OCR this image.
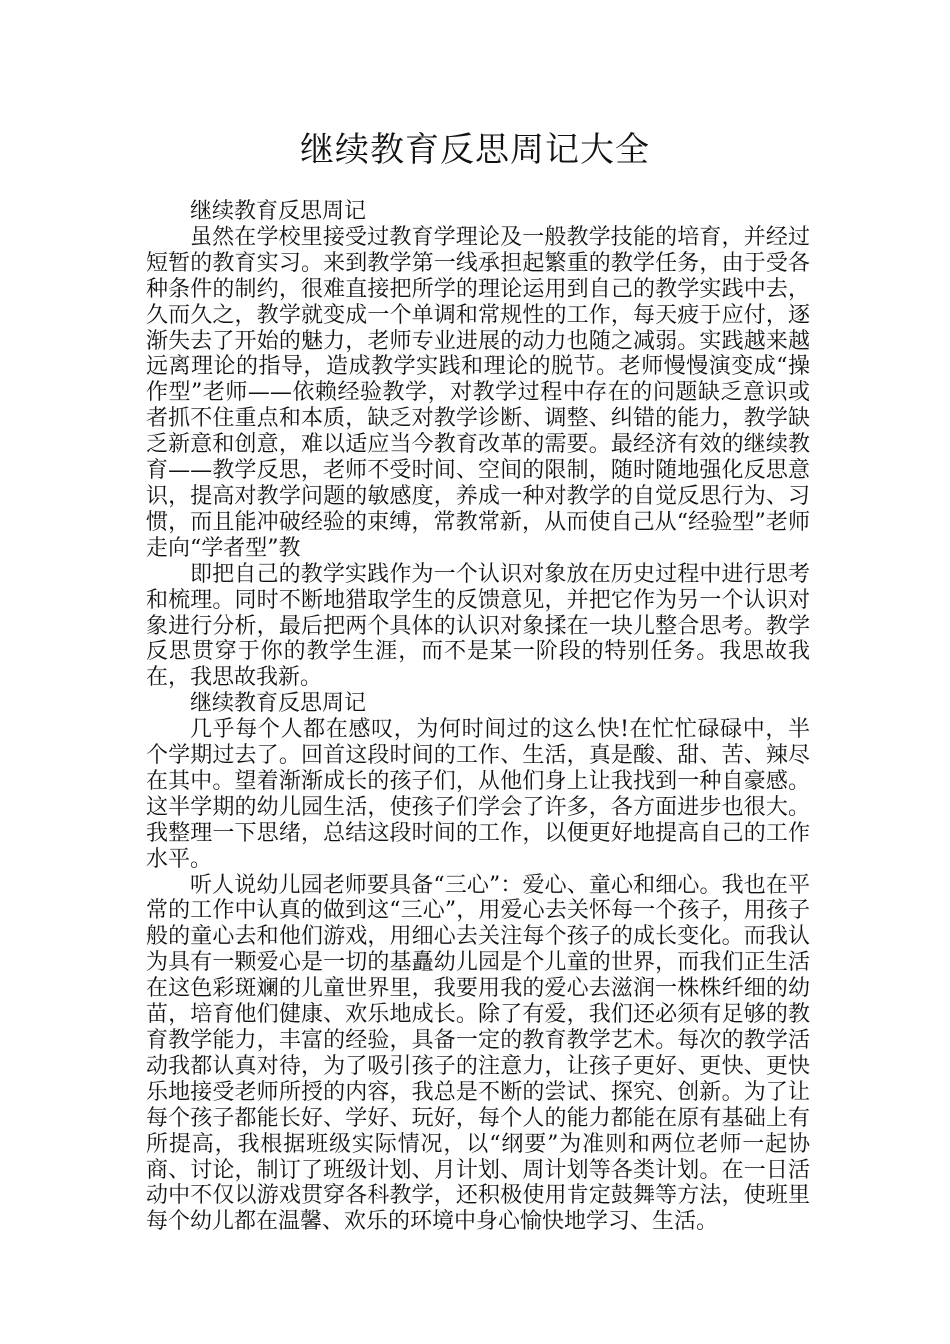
继续教育反思周记大全

继续教育反思周记

虽然在学校里接受过教育学理论及一般教学技能的培育，并经过短暂的教育实习。来到教学第一线承担起繁重的教学任务，由于受各种条件的制约，很难直接把所学的理论运用到自己的教学实践中去，久而久之，教学就变成一个单调和常规性的工作，每天疲于应付，逐渐失去了开始的魅力，老师专业进展的动力也随之减弱。实践越来越远离理论的指导，造成教学实践和理论的脱节。老师慢慢演变成“操作型”老师——依赖经验教学，对教学过程中存在的问题缺乏意识或者抓不住重点和本质，缺乏对教学诊断、调整、纠错的能力，教学缺乏新意和创意，难以适应当今教育改革的需要。最经济有效的继续教育——教学反思，老师不受时间、空间的限制，随时随地强化反思意识，提高对教学问题的敏感度，养成一种对教学的自觉反思行为、习惯，而且能冲破经验的束缚，常教常新，从而使自己从“经验型”老师走向“学者型”教

即把自己的教学实践作为一个认识对象放在历史过程中进行思考和梳理。同时不断地猎取学生的反馈意见，并把它作为另一个认识对象进行分析，最后把两个具体的认识对象揉在一块儿整合思考。教学反思贯穿于你的教学生涯，而不是某一阶段的特别任务。我思故我在，我思故我新。

继续教育反思周记

几乎每个人都在感叹，为何时间过的这么快!在忙忙碌碌中，半个学期过去了。回首这段时间的工作、生活，真是酸、甜、苦、辣尽在其中。望着渐渐成长的孩子们，从他们身上让我找到一种自豪感。这半学期的幼儿园生活，使孩子们学会了许多，各方面进步也很大。我整理一下思绪，总结这段时间的工作，以便更好地提高自己的工作水平。

听人说幼儿园老师要具备“三心”：爱心、童心和细心。我也在平常的工作中认真的做到这“三心”，用爱心去关怀每一个孩子，用孩子般的童心去和他们游戏，用细心去关注每个孩子的成长变化。而我认为具有一颗爱心是一切的基矗幼儿园是个儿童的世界，而我们正生活在这色彩斑斓的儿童世界里，我要用我的爱心去滋润一株株纤细的幼苗，培育他们健康、欢乐地成长。除了有爱，我们还必须有足够的教育教学能力，丰富的经验，具备一定的教育教学艺术。每次的教学活动我都认真对待，为了吸引孩子的注意力，让孩子更好、更快、更快乐地接受老师所授的内容，我总是不断的尝试、探究、创新。为了让每个孩子都能长好、学好、玩好，每个人的能力都能在原有基础上有所提高，我根据班级实际情况，以“纲要”为准则和两位老师一起协商、讨论，制订了班级计划、月计划、周计划等各类计划。在一日活动中不仅以游戏贯穿各科教学，还积极使用肯定鼓舞等方法，使班里每个幼儿都在温馨、欢乐的环境中身心愉快地学习、生活。
